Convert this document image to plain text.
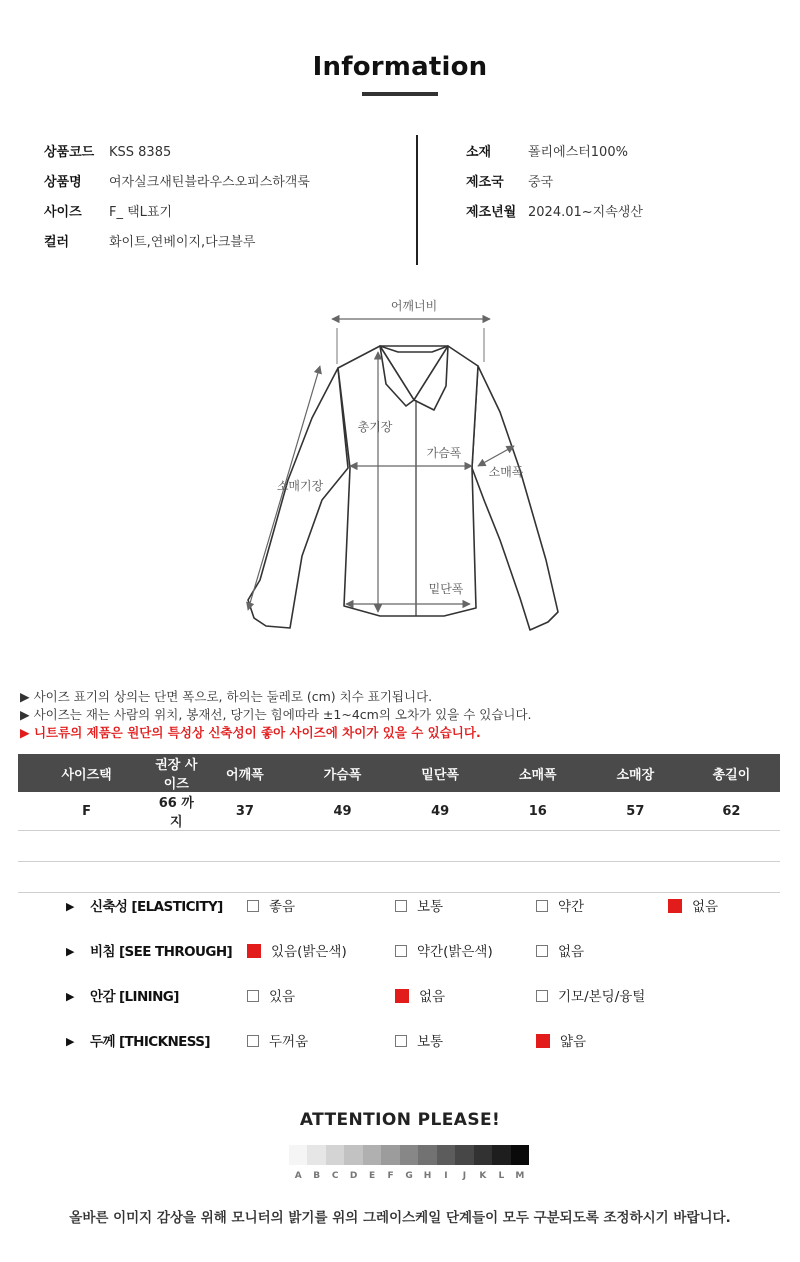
Information
상품코드 KSS 8385
상품명 여자실크새틴블라우스오피스하객룩
사이즈 F_ 택L표기
컬러	화이트,연베이지,다크블루
소재	폴리에스터100%
제조국 중국
제조년월 2024.01~지속생산
어깨너비
총기장
가슴폭
소매폭
소매기장
밑단폭
▶ 사이즈 표기의 상의는 단면 폭으로, 하의는 둘레로 (cm) 치수 표기됩니다.
▶ 사이즈는 재는 사람의 위치, 봉재선, 당기는 힘에따라 ±1~4cm의 오차가 있을 수 있습니다.
▶ 니트류의 제품은 원단의 특성상 신축성이 좋아 사이즈에 차이가 있을 수 있습니다.
사이즈택	권장 사이즈	어깨폭	가슴폭	밑단폭	소매폭	소매장	총길이
F	66 까지	37	49	49	16	57	62

▶ 신축성 [ELASTICITY]	좋음	보통	약간	없음
▶ 비침 [SEE THROUGH]	있음(밝은색)	약간(밝은색)	없음
▶ 안감 [LINING]	있음	없음	기모/본딩/융털
▶ 두께 [THICKNESS]	두꺼움	보통	얇음
ATTENTION PLEASE!
A	B	C	D	E	F	G	H	I	J	K	L	M
올바른 이미지 감상을 위해 모니터의 밝기를 위의 그레이스케일 단계들이 모두 구분되도록 조정하시기 바랍니다.
